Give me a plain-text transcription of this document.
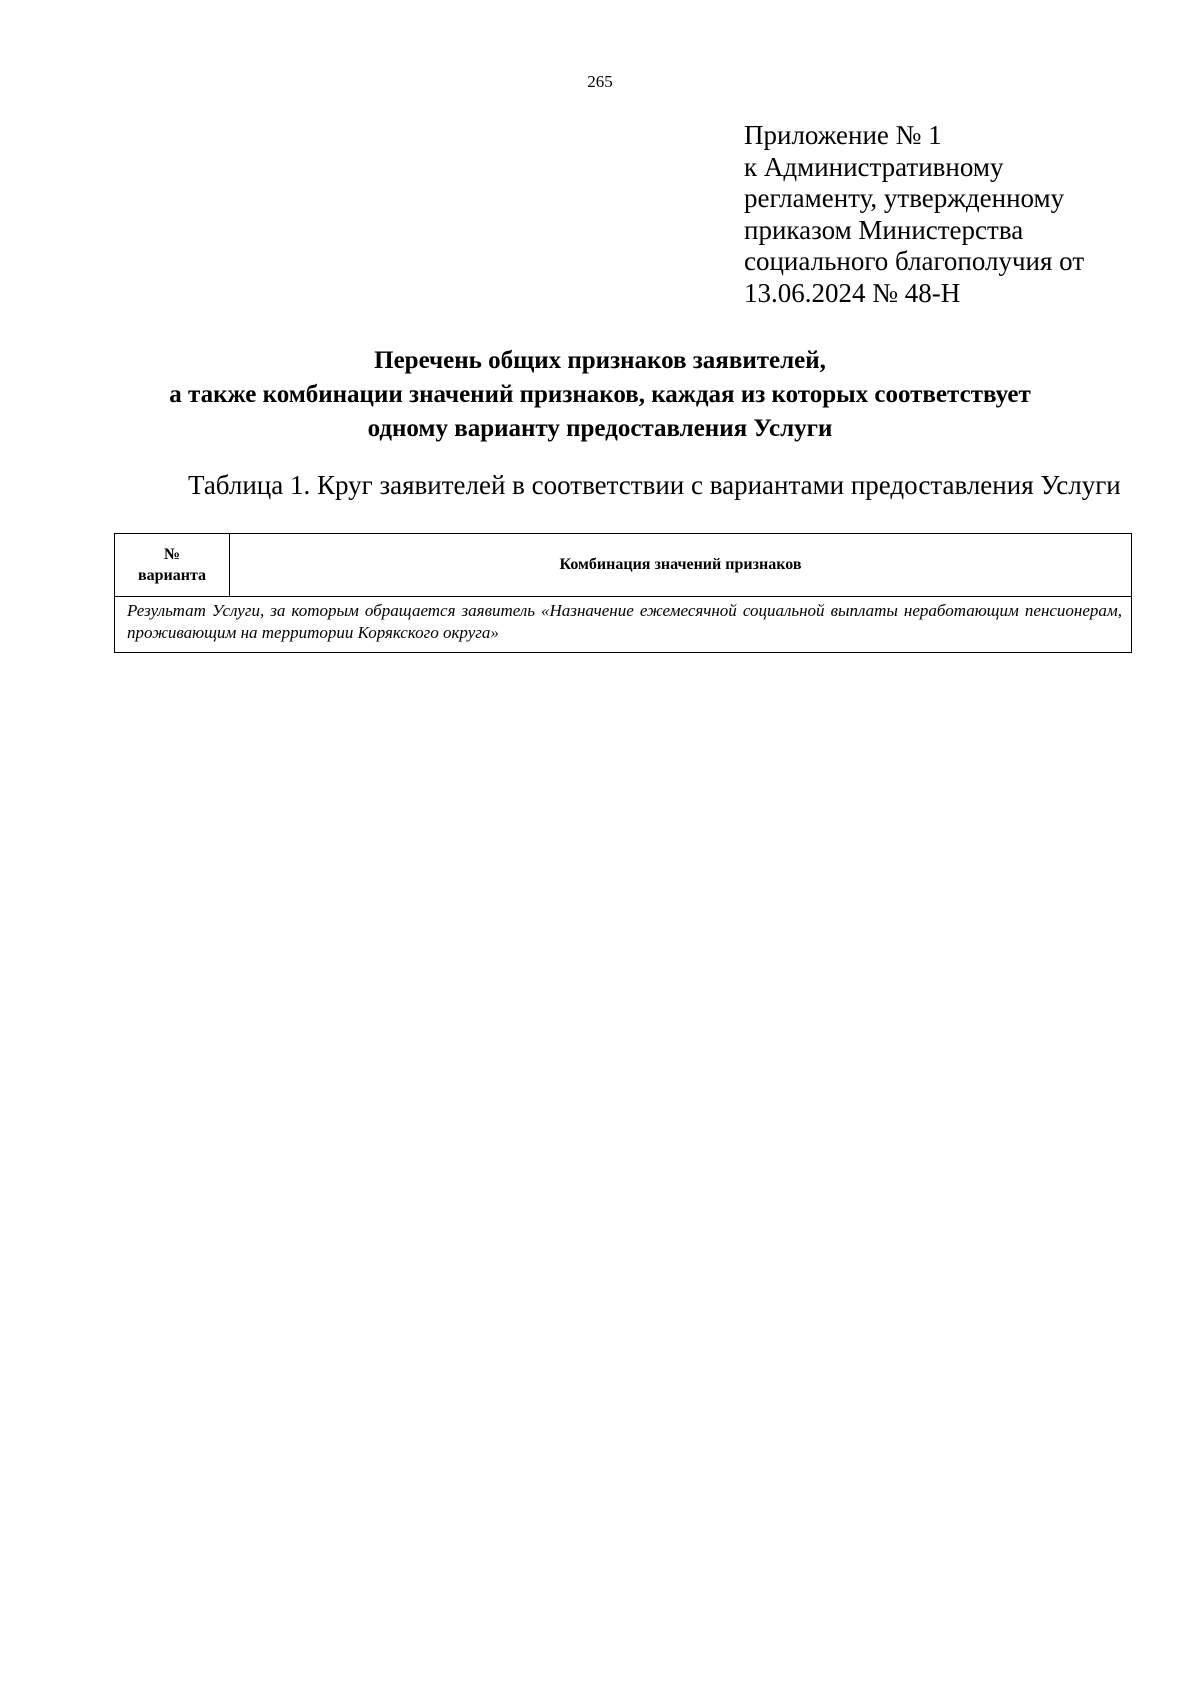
265
Приложение № 1
к Административному
регламенту, утвержденному
приказом Министерства
социального благополучия от
13.06.2024 № 48-Н
Перечень общих признаков заявителей,
а также комбинации значений признаков, каждая из которых соответствует
одному варианту предоставления Услуги
Таблица 1. Круг заявителей в соответствии с вариантами предоставления Услуги
№
варианта
	Комбинация значений признаков
Результат Услуги, за которым обращается заявитель «Назначение ежемесячной социальной выплаты неработающим пенсионерам, проживающим на территории Корякского округа»
